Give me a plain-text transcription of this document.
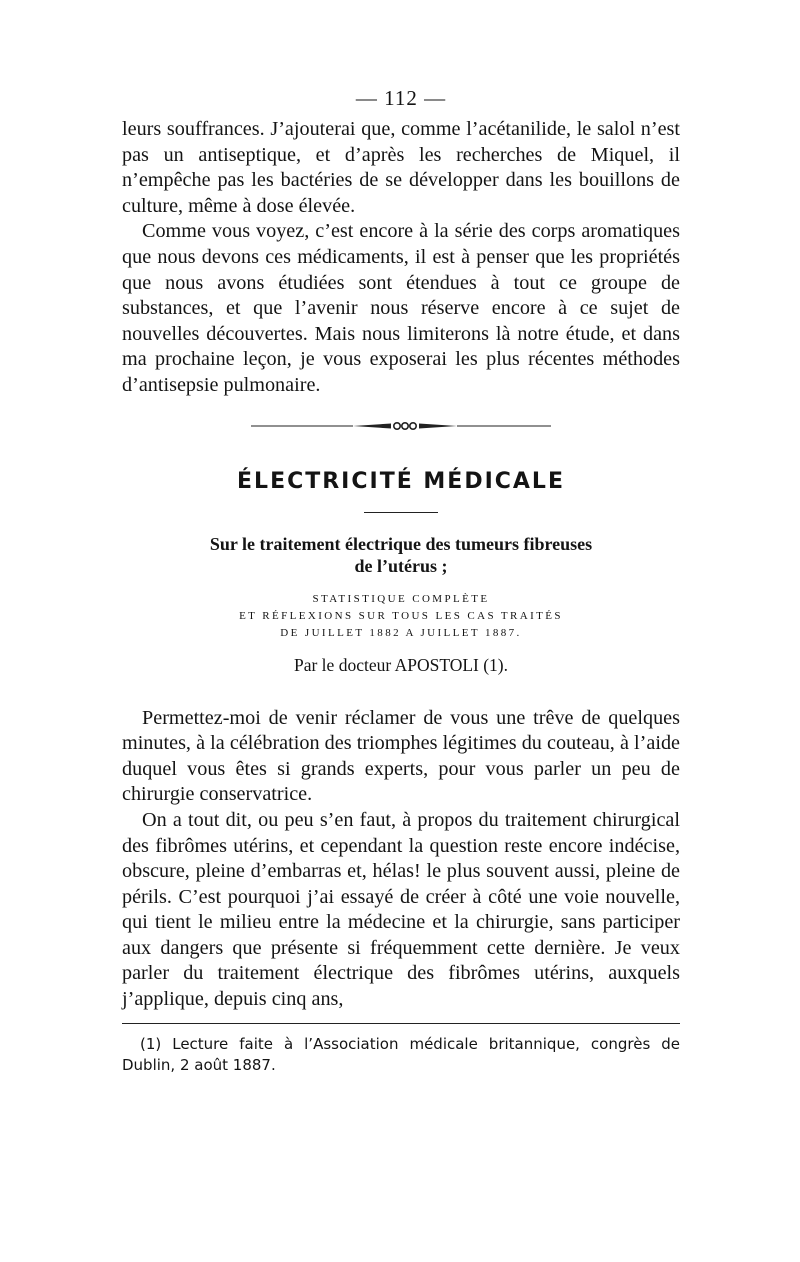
— 112 —

leurs souffrances. J’ajouterai que, comme l’acétanilide, le salol n’est pas un antiseptique, et d’après les recherches de Miquel, il n’empêche pas les bactéries de se développer dans les bouillons de culture, même à dose élevée.

Comme vous voyez, c’est encore à la série des corps aromatiques que nous devons ces médicaments, il est à penser que les propriétés que nous avons étudiées sont étendues à tout ce groupe de substances, et que l’avenir nous réserve encore à ce sujet de nouvelles découvertes. Mais nous limiterons là notre étude, et dans ma prochaine leçon, je vous exposerai les plus récentes méthodes d’antisepsie pulmonaire.

ÉLECTRICITÉ MÉDICALE
Sur le traitement électrique des tumeurs fibreuses
de l’utérus ;
STATISTIQUE COMPLÈTE
ET RÉFLEXIONS SUR TOUS LES CAS TRAITÉS
DE JUILLET 1882 A JUILLET 1887.
Par le docteur APOSTOLI (1).

Permettez-moi de venir réclamer de vous une trêve de quelques minutes, à la célébration des triomphes légitimes du couteau, à l’aide duquel vous êtes si grands experts, pour vous parler un peu de chirurgie conservatrice.

On a tout dit, ou peu s’en faut, à propos du traitement chirurgical des fibrômes utérins, et cependant la question reste encore indécise, obscure, pleine d’embarras et, hélas! le plus souvent aussi, pleine de périls. C’est pourquoi j’ai essayé de créer à côté une voie nouvelle, qui tient le milieu entre la médecine et la chirurgie, sans participer aux dangers que présente si fréquemment cette dernière. Je veux parler du traitement électrique des fibrômes utérins, auxquels j’applique, depuis cinq ans,

(1) Lecture faite à l’Association médicale britannique, congrès de Dublin, 2 août 1887.
